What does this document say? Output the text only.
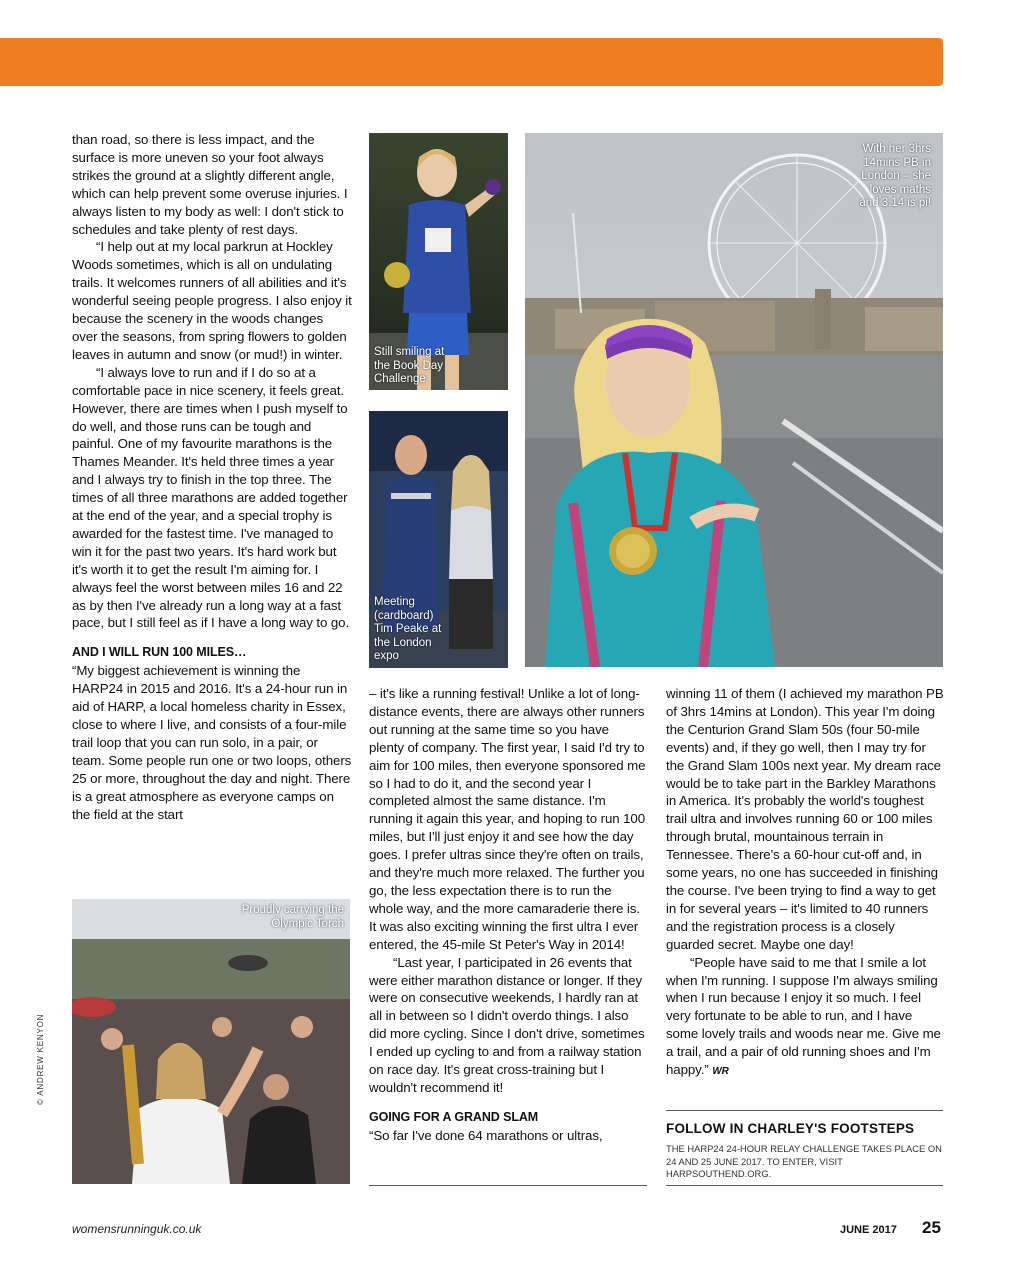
than road, so there is less impact, and the surface is more uneven so your foot always strikes the ground at a slightly different angle, which can help prevent some overuse injuries. I always listen to my body as well: I don't stick to schedules and take plenty of rest days.

“I help out at my local parkrun at Hockley Woods sometimes, which is all on undulating trails. It welcomes runners of all abilities and it's wonderful seeing people progress. I also enjoy it because the scenery in the woods changes over the seasons, from spring flowers to golden leaves in autumn and snow (or mud!) in winter.

“I always love to run and if I do so at a comfortable pace in nice scenery, it feels great. However, there are times when I push myself to do well, and those runs can be tough and painful. One of my favourite marathons is the Thames Meander. It's held three times a year and I always try to finish in the top three. The times of all three marathons are added together at the end of the year, and a special trophy is awarded for the fastest time. I've managed to win it for the past two years. It's hard work but it's worth it to get the result I'm aiming for. I always feel the worst between miles 16 and 22 as by then I've already run a long way at a fast pace, but I still feel as if I have a long way to go.

AND I WILL RUN 100 MILES…

“My biggest achievement is winning the HARP24 in 2015 and 2016. It's a 24-hour run in aid of HARP, a local homeless charity in Essex, close to where I live, and consists of a four-mile trail loop that you can run solo, in a pair, or team. Some people run one or two loops, others 25 or more, throughout the day and night. There is a great atmosphere as everyone camps on the field at the start

– it's like a running festival! Unlike a lot of long-distance events, there are always other runners out running at the same time so you have plenty of company. The first year, I said I'd try to aim for 100 miles, then everyone sponsored me so I had to do it, and the second year I completed almost the same distance. I'm running it again this year, and hoping to run 100 miles, but I'll just enjoy it and see how the day goes. I prefer ultras since they're often on trails, and they're much more relaxed. The further you go, the less expectation there is to run the whole way, and the more camaraderie there is. It was also exciting winning the first ultra I ever entered, the 45-mile St Peter's Way in 2014!

“Last year, I participated in 26 events that were either marathon distance or longer. If they were on consecutive weekends, I hardly ran at all in between so I didn't overdo things. I also did more cycling. Since I don't drive, sometimes I ended up cycling to and from a railway station on race day. It's great cross-training but I wouldn't recommend it!

GOING FOR A GRAND SLAM

“So far I've done 64 marathons or ultras,

winning 11 of them (I achieved my marathon PB of 3hrs 14mins at London). This year I'm doing the Centurion Grand Slam 50s (four 50-mile events) and, if they go well, then I may try for the Grand Slam 100s next year. My dream race would be to take part in the Barkley Marathons in America. It's probably the world's toughest trail ultra and involves running 60 or 100 miles through brutal, mountainous terrain in Tennessee. There's a 60-hour cut-off and, in some years, no one has succeeded in finishing the course. I've been trying to find a way to get in for several years – it's limited to 40 runners and the registration process is a closely guarded secret. Maybe one day!

“People have said to me that I smile a lot when I'm running. I suppose I'm always smiling when I run because I enjoy it so much. I feel very fortunate to be able to run, and I have some lovely trails and woods near me. Give me a trail, and a pair of old running shoes and I'm happy.” WR

Still smiling at the Book Day Challenge
Meeting (cardboard) Tim Peake at the London expo
With her 3hrs 14mins PB in London – she loves maths and 3.14 is pi!
Proudly carrying the Olympic Torch
© ANDREW KENYON
FOLLOW IN CHARLEY'S FOOTSTEPS
THE HARP24 24-HOUR RELAY CHALLENGE TAKES PLACE ON 24 AND 25 JUNE 2017. TO ENTER, VISIT HARPSOUTHEND.ORG.
womensrunninguk.co.uk	JUNE 2017 25
